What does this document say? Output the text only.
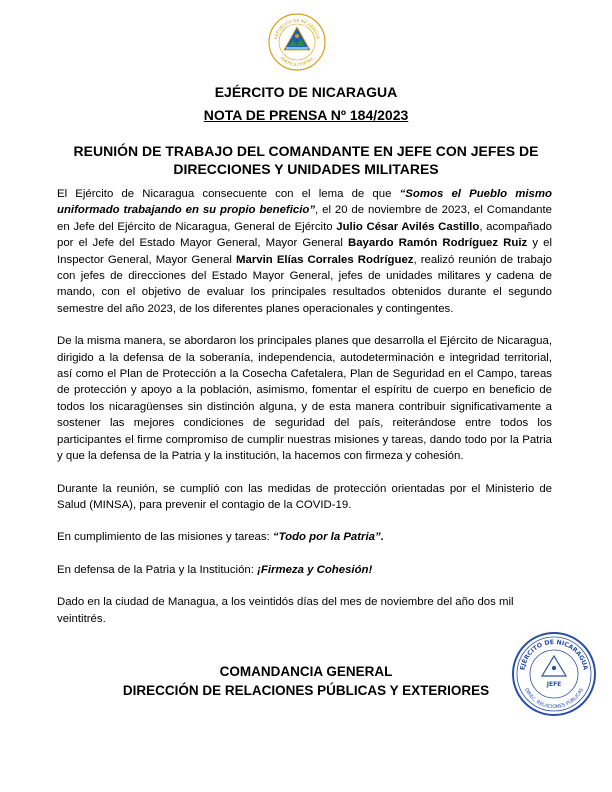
REPUBLICA DE NICARAGUA
AMERICA CENTRAL
EJÉRCITO DE NICARAGUA
NOTA DE PRENSA Nº 184/2023
REUNIÓN DE TRABAJO DEL COMANDANTE EN JEFE CON JEFES DE DIRECCIONES Y UNIDADES MILITARES

El Ejército de Nicaragua consecuente con el lema de que “Somos el Pueblo mismo uniformado trabajando en su propio beneficio”, el 20 de noviembre de 2023, el Comandante en Jefe del Ejército de Nicaragua, General de Ejército Julio César Avilés Castillo, acompañado por el Jefe del Estado Mayor General, Mayor General Bayardo Ramón Rodríguez Ruiz y el Inspector General, Mayor General Marvin Elías Corrales Rodríguez, realizó reunión de trabajo con jefes de direcciones del Estado Mayor General, jefes de unidades militares y cadena de mando, con el objetivo de evaluar los principales resultados obtenidos durante el segundo semestre del año 2023, de los diferentes planes operacionales y contingentes.

De la misma manera, se abordaron los principales planes que desarrolla el Ejército de Nicaragua, dirigido a la defensa de la soberanía, independencia, autodeterminación e integridad territorial, así como el Plan de Protección a la Cosecha Cafetalera, Plan de Seguridad en el Campo, tareas de protección y apoyo a la población, asimismo, fomentar el espíritu de cuerpo en beneficio de todos los nicaragüenses sin distinción alguna, y de esta manera contribuir significativamente a sostener las mejores condiciones de seguridad del país, reiterándose entre todos los participantes el firme compromiso de cumplir nuestras misiones y tareas, dando todo por la Patria y que la defensa de la Patria y la institución, la hacemos con firmeza y cohesión.

Durante la reunión, se cumplió con las medidas de protección orientadas por el Ministerio de Salud (MINSA), para prevenir el contagio de la COVID-19.

En cumplimiento de las misiones y tareas: “Todo por la Patria”.

En defensa de la Patria y la Institución: ¡Firmeza y Cohesión!

Dado en la ciudad de Managua, a los veintidós días del mes de noviembre del año dos mil veintitrés.

COMANDANCIA GENERAL
DIRECCIÓN DE RELACIONES PÚBLICAS Y EXTERIORES
EJÉRCITO DE NICARAGUA
DIREC. RELACIONES PÚBLICAS
JEFE
